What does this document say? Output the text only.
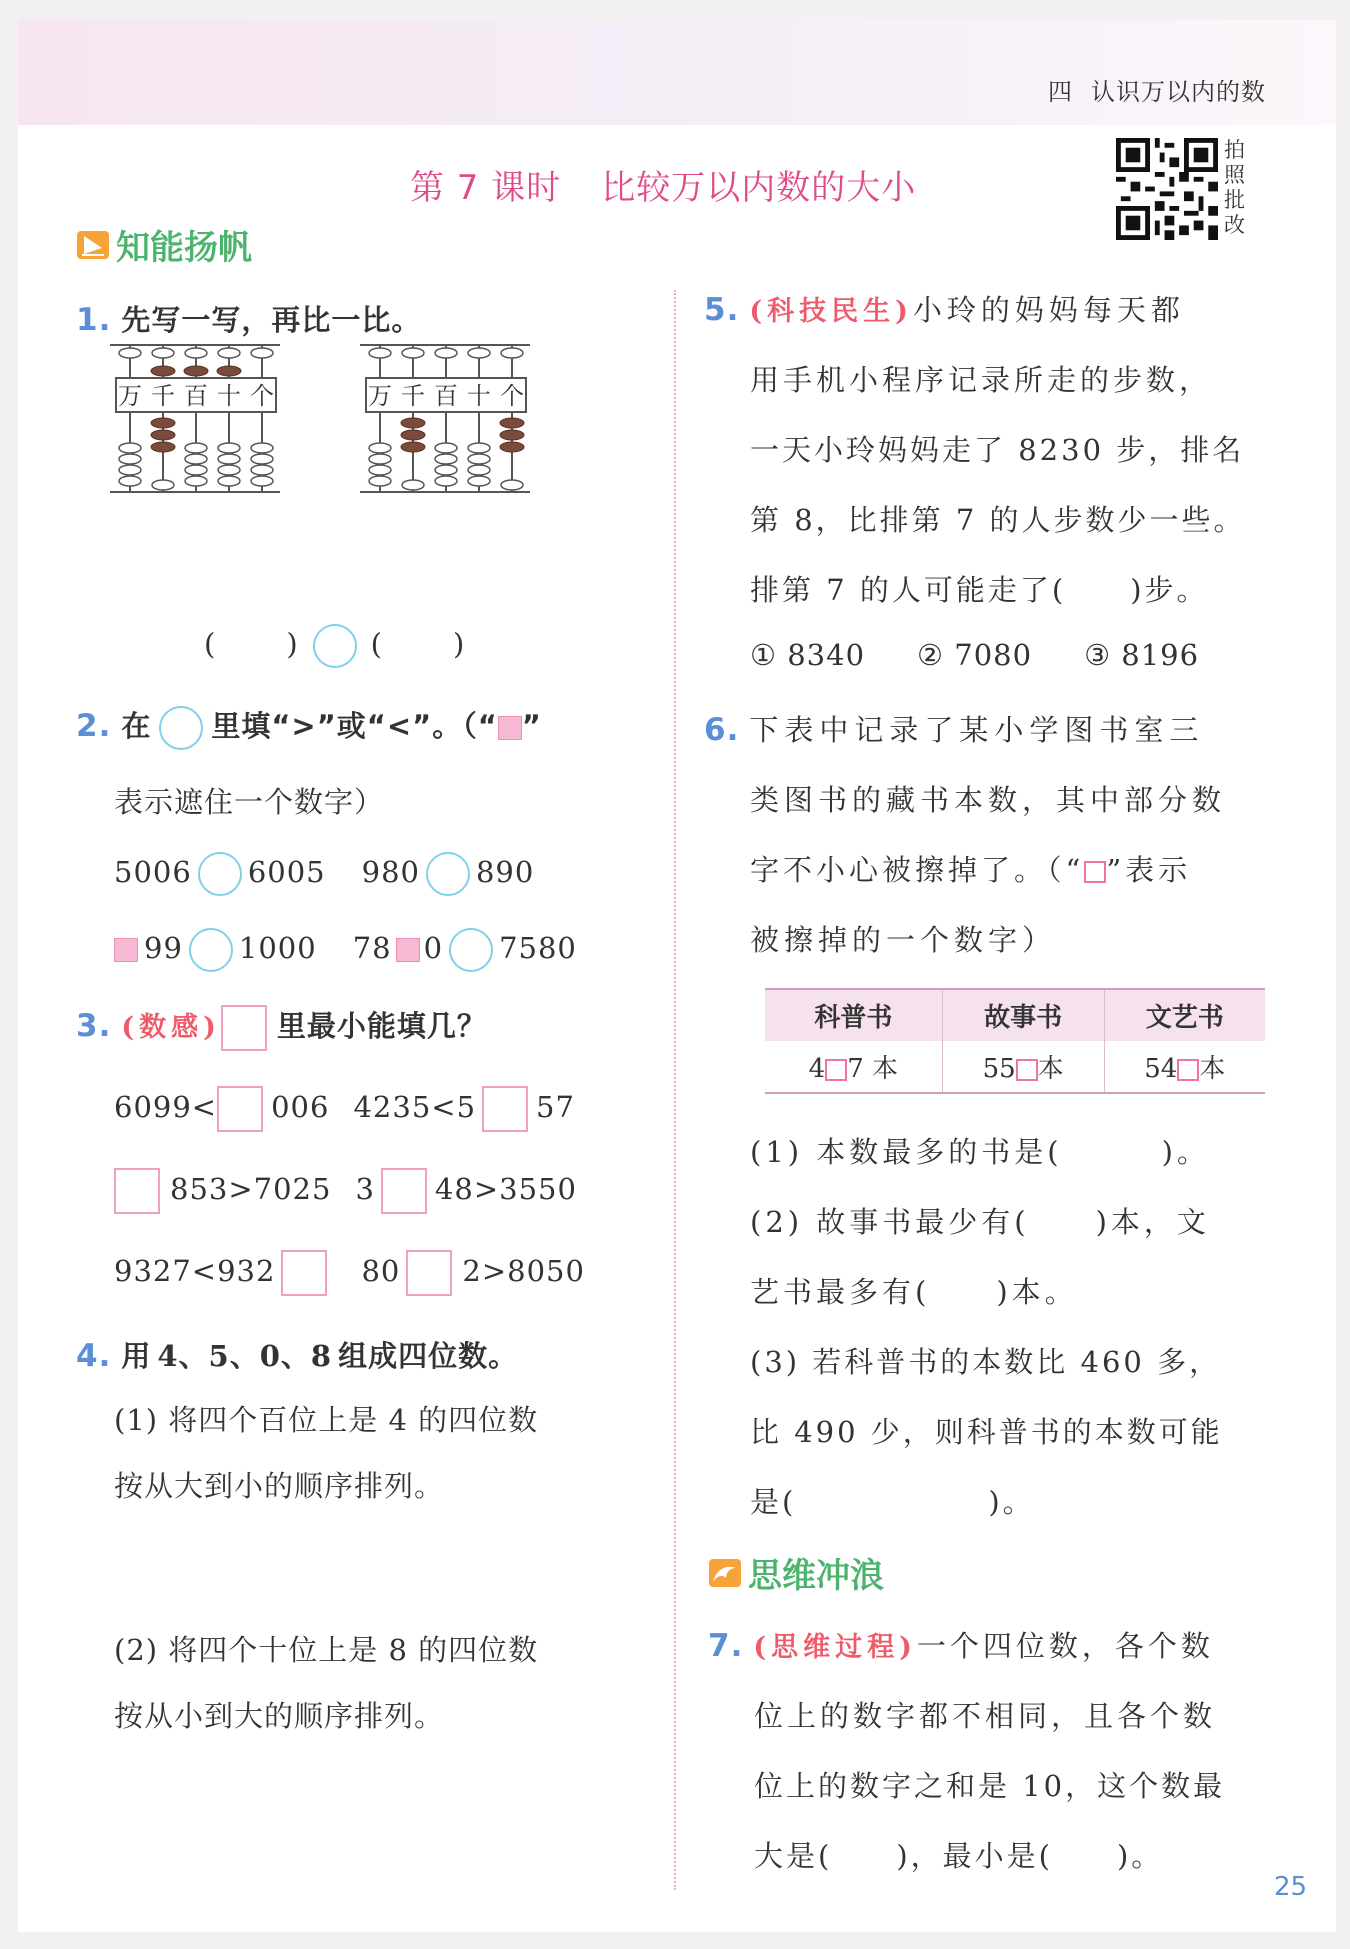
四 认识万以内的数
第 7 课时 比较万以内数的大小
拍
照
批
改
知能扬帆
1. 先写一写，再比一比。
万 千 百 十 个	万 千 百 十 个
( ) ( )
2. 在 里填“>”或“<”。（“ ”
表示遮住一个数字）
5006 6005 980 890
99 1000 78 0 7580
3. (数感) 里最小能填几？
6099< 006 4235<5 57
853>7025 3 48>3550
9327<932	80 2>8050
4. 用 4、5、0、8 组成四位数。
(1) 将四个百位上是 4 的四位数
按从大到小的顺序排列。
(2) 将四个十位上是 8 的四位数
按从小到大的顺序排列。
5. (科技民生)小玲的妈妈每天都
用手机小程序记录所走的步数，
一天小玲妈妈走了 8230 步，排名
第 8，比排第 7 的人步数少一些。
排第 7 的人可能走了(　　)步。
① 8340 ② 7080 ③ 8196
6. 下表中记录了某小学图书室三
类图书的藏书本数，其中部分数
字不小心被擦掉了。（“ ”表示
被擦掉的一个数字）
科普书	故事书	文艺书
4 7 本	55 本	54 本
(1) 本数最多的书是(　　　)。
(2) 故事书最少有(　　)本，文
艺书最多有(　　)本。
(3) 若科普书的本数比 460 多，
比 490 少，则科普书的本数可能
是(　　　　　　)。
思维冲浪
7. (思维过程)一个四位数，各个数
位上的数字都不相同，且各个数
位上的数字之和是 10，这个数最
大是(　　)，最小是(　　)。
25
